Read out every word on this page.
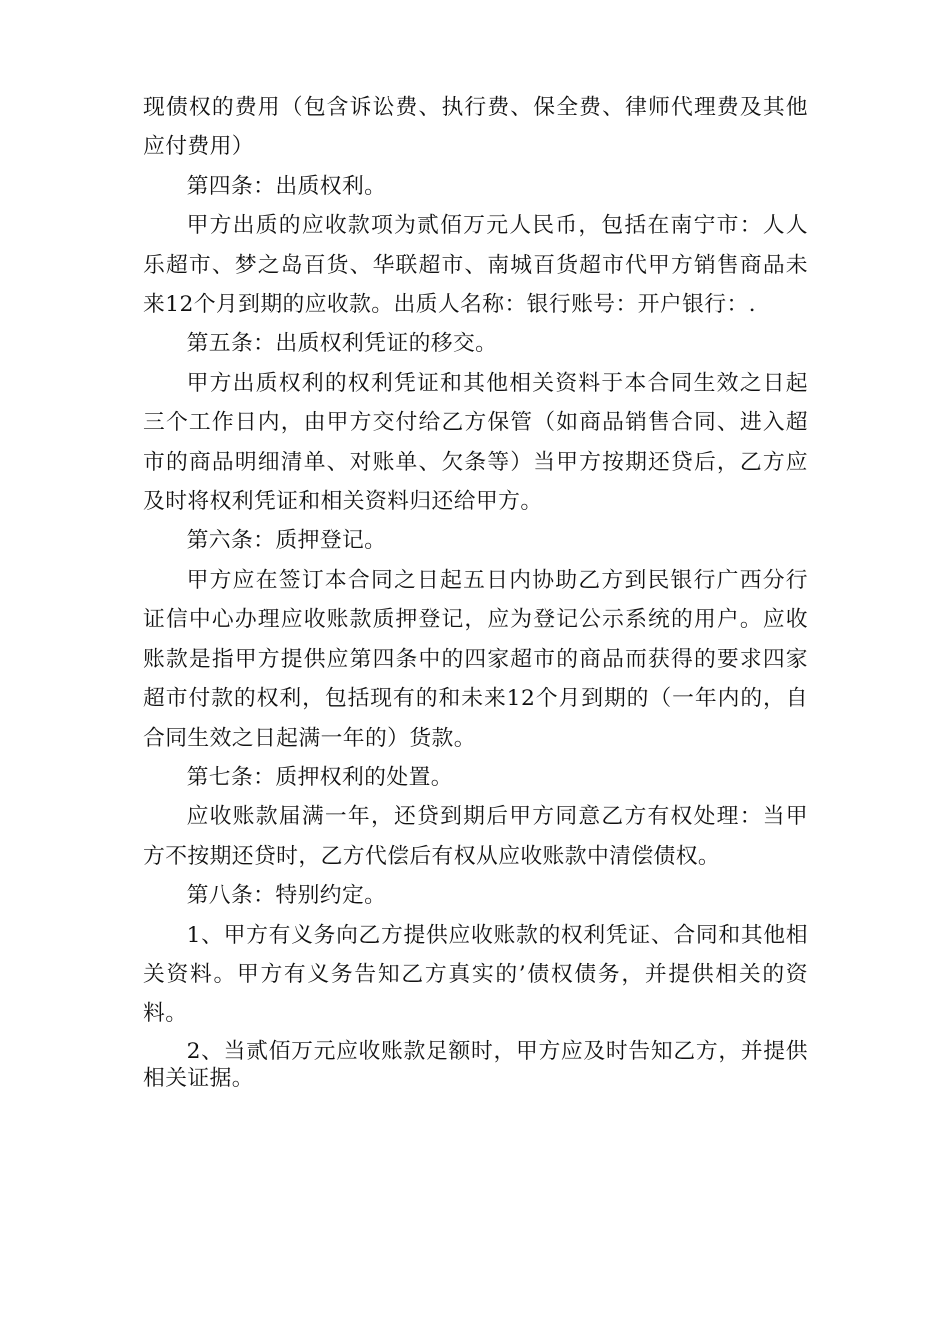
现债权的费用（包含诉讼费、执行费、保全费、律师代理费及其他应付费用）

第四条：出质权利。

甲方出质的应收款项为贰佰万元人民币，包括在南宁市：人人乐超市、梦之岛百货、华联超市、南城百货超市代甲方销售商品未来12个月到期的应收款。出质人名称：银行账号：开户银行：.

第五条：出质权利凭证的移交。

甲方出质权利的权利凭证和其他相关资料于本合同生效之日起三个工作日内，由甲方交付给乙方保管（如商品销售合同、进入超市的商品明细清单、对账单、欠条等）当甲方按期还贷后，乙方应及时将权利凭证和相关资料归还给甲方。

第六条：质押登记。

甲方应在签订本合同之日起五日内协助乙方到民银行广西分行证信中心办理应收账款质押登记，应为登记公示系统的用户。应收账款是指甲方提供应第四条中的四家超市的商品而获得的要求四家超市付款的权利，包括现有的和未来12个月到期的（一年内的，自合同生效之日起满一年的）货款。

第七条：质押权利的处置。

应收账款届满一年，还贷到期后甲方同意乙方有权处理：当甲方不按期还贷时，乙方代偿后有权从应收账款中清偿债权。

第八条：特别约定。

1、甲方有义务向乙方提供应收账款的权利凭证、合同和其他相关资料。甲方有义务告知乙方真实的’债权债务，并提供相关的资料。

2、当贰佰万元应收账款足额时，甲方应及时告知乙方，并提供相关证据。
